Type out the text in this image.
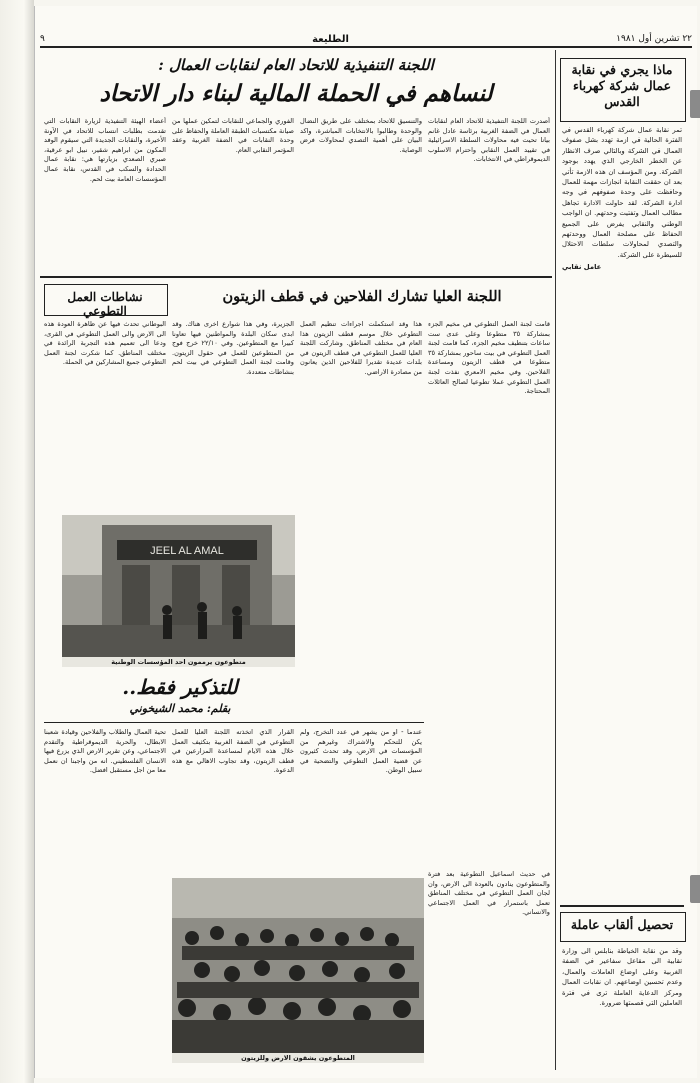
٢٢ تشرين أول ١٩٨١
الطليعة
٩
ماذا يجري في نقابة عمال شركة كهرباء القدس

تمر نقابة عمال شركة كهرباء القدس في الفترة الحالية في ازمة تهدد بشل صفوف العمال في الشركة وبالتالي صرف الانظار عن الخطر الخارجي الذي يهدد بوجود الشركة. ومن المؤسف ان هذه الازمة تأتي بعد ان حققت النقابة انجازات مهمة للعمال وحافظت على وحدة صفوفهم في وجه ادارة الشركة. لقد حاولت الادارة تجاهل مطالب العمال وتفتيت وحدتهم. ان الواجب الوطني والنقابي يفرض على الجميع الحفاظ على مصلحة العمال ووحدتهم والتصدي لمحاولات سلطات الاحتلال للسيطرة على الشركة.

عامل نقابي

تحصيل ألقاب عاملة
وقد من نقابة الخياطة بنابلس الى وزارة نقابية الى مقاعل سفاعير في الضفة الغربية وعلى اوضاع العاملات والعمال، وعدم تحسين اوضاعهم. ان نقابات العمال ومركز الدعاية العاملة ترى في فترة العاملين التي قصمتها ضرورة.
اللجنة التنفيذية للاتحاد العام لنقابات العمال :
لنساهم في الحملة المالية لبناء دار الاتحاد
أصدرت اللجنة التنفيذية للاتحاد العام لنقابات العمال في الضفة الغربية برئاسة عادل غانم بيانا تحيت فيه محاولات السلطة الاسرائيلية في تقييد العمل النقابي واحترام الاسلوب الديموقراطي في الانتخابات.
والتنسيق للاتحاد بمختلف على طريق النضال والوحدة وطالبوا بالانتخابات المباشرة، واكد البيان على أهمية التصدي لمحاولات فرض الوصاية.
الفوري والجماعي للنقابات لتمكين عملها من صيانة مكتسبات الطبقة العاملة والحفاظ على وحدة النقابات في الضفة الغربية وعقد المؤتمر النقابي العام.
أعضاء الهيئة التنفيذية لزيارة النقابات التي تقدمت بطلبات انتساب للاتحاد في الآونة الأخيرة، والنقابات الجديدة التي سيقوم الوفد المكون من ابراهيم شقير، نبيل ابو عرقية، صبري الصعدي بزيارتها هي: نقابة عمال الحدادة والسكب في القدس، نقابة عمال المؤسسات العامة بيت لحم.
نشاطات العمل التطوعي
اللجنة العليا تشارك الفلاحين في قطف الزيتون
قامت لجنة العمل التطوعي في مخيم الجزء بمشاركة ٣٥ متطوعا وعلى عدى ست ساعات بتنظيف مخيم الجزء، كما قامت لجنة العمل التطوعي في بيت ساحور بمشاركة ٣٥ متطوعا في قطف الزيتون ومساعدة الفلاحين. وفي مخيم الامعري نفذت لجنة العمل التطوعي عملا تطوعيا لصالح العائلات المحتاجة.
هذا وقد استكملت اجراءات تنظيم العمل التطوعي خلال موسم قطف الزيتون هذا العام في مختلف المناطق. وشاركت اللجنة العليا للعمل التطوعي في قطف الزيتون في بلدات عديدة تقديرا للفلاحين الذين يعانون من مصادرة الاراضي.
الجزيرة، وفي هذا شوارع اخرى هناك. وقد ابدى سكان البلدة والمواطنين فيها تعاونا كبيرا مع المتطوعين. وفي ٢٢/١٠ خرج فوج من المتطوعين للعمل في حقول الزيتون. وقامت لجنة العمل التطوعي في بيت لحم بنشاطات متعددة.
البوطاني تحدث فيها عن ظاهرة العودة هذه الى الارض والى العمل التطوعي في القرى، ودعا الى تعميم هذه التجربة الرائدة في مختلف المناطق. كما شكرت لجنة العمل التطوعي جميع المشاركين في الحملة.
JEEL AL AMAL
متطوعون يرممون احد المؤسسات الوطنية
للتذكير فقط..
بقلم: محمد الشيخوني
عندما - او من يشهر في عدد التخرج، ولم يكن للتحكم والاشتراك وغيرهم من المؤسسات في الارض، وقد تحدث كثيرون عن قضية العمل التطوعي والتضحية في سبيل الوطن.
القرار الذي اتخذته اللجنة العليا للعمل التطوعي في الضفة الغربية بتكثيف العمل خلال هذه الايام لمساعدة المزارعين في قطف الزيتون، وقد تجاوب الاهالي مع هذه الدعوة.
تحية العمال والطلاب والفلاحين وقيادة شعبنا الابطال، والحرية الديموقراطية والتقدم الاجتماعي، وعن تقرير الارض الذي يزرع فيها الانسان الفلسطيني. انه من واجبنا ان نعمل معا من اجل مستقبل افضل.
في حديث اسماعيل التطوعية بعد فترة والمتطوعون ينادون بالعودة الى الارض، وان لجان العمل التطوعي في مختلف المناطق تعمل باستمرار في العمل الاجتماعي والانساني.
المتطوعون يشقون الارض وللزيتون
